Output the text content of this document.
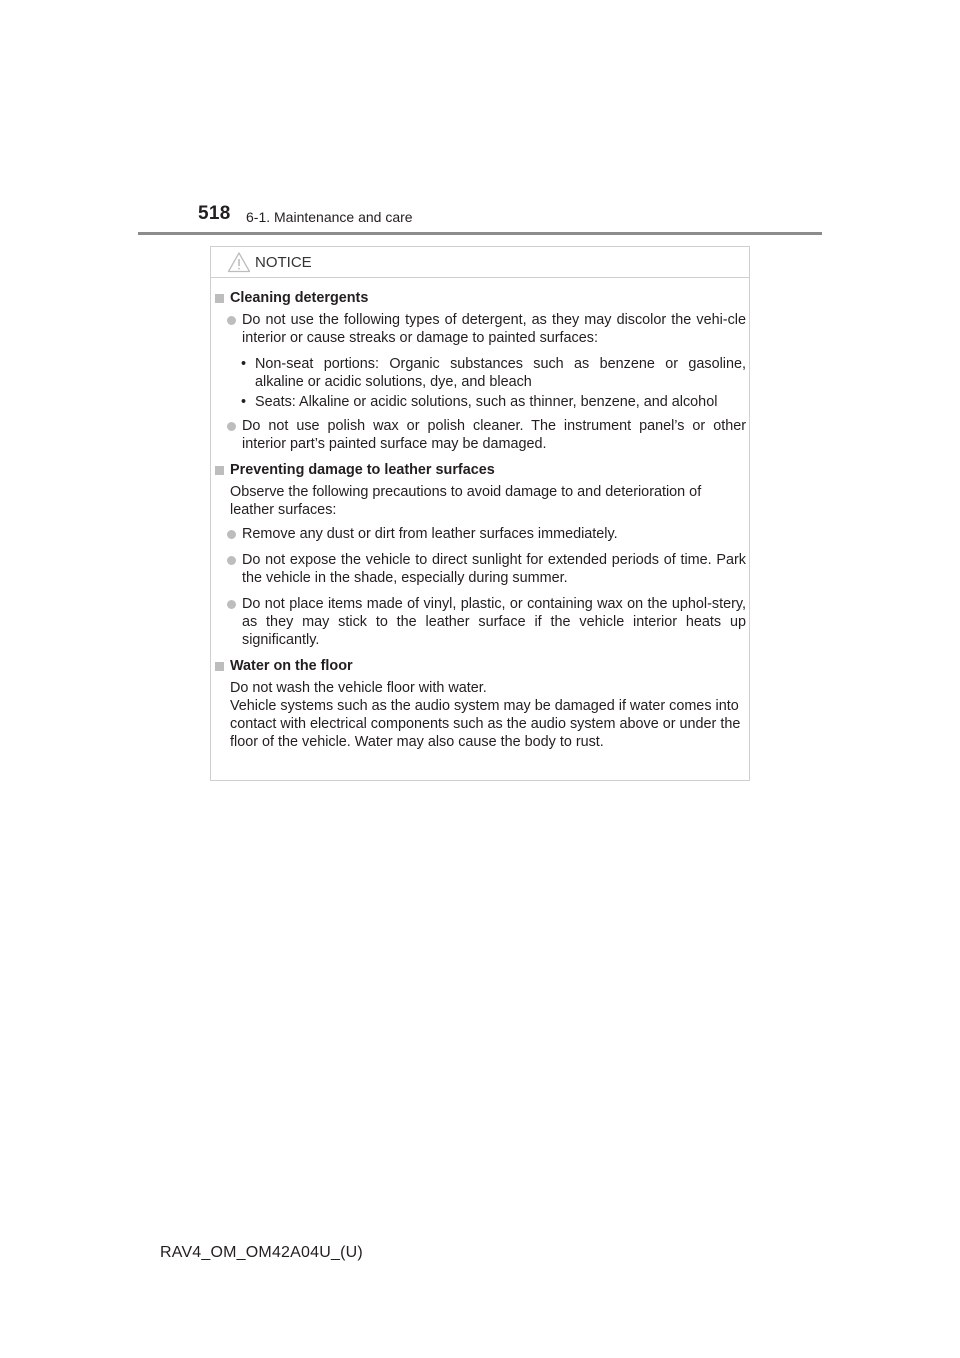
518 6-1. Maintenance and care
NOTICE
Cleaning detergents
Do not use the following types of detergent, as they may discolor the vehi-cle interior or cause streaks or damage to painted surfaces:
• Non-seat portions: Organic substances such as benzene or gasoline, alkaline or acidic solutions, dye, and bleach
• Seats: Alkaline or acidic solutions, such as thinner, benzene, and alcohol
Do not use polish wax or polish cleaner. The instrument panel’s or other interior part’s painted surface may be damaged.
Preventing damage to leather surfaces
Observe the following precautions to avoid damage to and deterioration of leather surfaces:
Remove any dust or dirt from leather surfaces immediately.
Do not expose the vehicle to direct sunlight for extended periods of time. Park the vehicle in the shade, especially during summer.
Do not place items made of vinyl, plastic, or containing wax on the uphol-stery, as they may stick to the leather surface if the vehicle interior heats up significantly.
Water on the floor
Do not wash the vehicle floor with water.
Vehicle systems such as the audio system may be damaged if water comes into contact with electrical components such as the audio system above or under the floor of the vehicle. Water may also cause the body to rust.
RAV4_OM_OM42A04U_(U)
